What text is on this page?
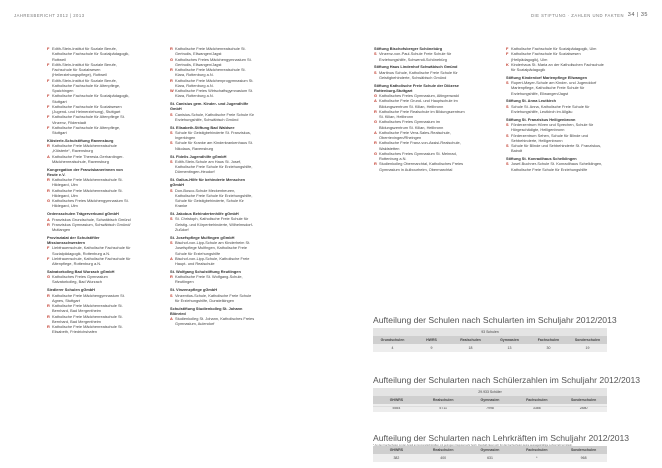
JAHRESBERICHT 2012 | 2013	DIE STIFTUNG · ZAHLEN UND FAKTEN 34 | 35
F Edith-Stein-Institut für Soziale Berufe, Katholische Fachschule für Sozialpädagogik, Rottweil
F Edith-Stein-Institut für Soziale Berufe, Fachschule für Sozialwesen (Heilerziehungspflege), Rottweil
F Edith-Stein-Institut für Soziale Berufe, Katholische Fachschule für Altenpflege, Spaichingen
F Katholische Fachschule für Sozialpädagogik, Stuttgart
F Katholische Fachschule für Sozialwesen (Jugend- und Heimerziehung), Stuttgart
F Katholische Fachschule für Altenpflege St. Vinzenz, Filderstadt
F Katholische Fachschule für Altenpflege, Stuttgart
Klösterle-Schulstiftung Ravensburg
R Katholische Freie Mädchenrealschule „Klösterle“, Ravensburg
A Katholische Freie Theresia-Gerhardinger-Mädchenrealschule, Ravensburg
Kongregation der Franziskanerinnen von Reute e.V.
R Katholische Freie Mädchenrealschule St. Hildegard, Ulm
R Katholische Freie Mädchenrealschule St. Hildegard, Ulm
G Katholisches Freies Mädchengymnasium St. Hildegard, Ulm
Ordensschulen Trägerverbund gGmbH
A Franziskus Grundschule, Schwäbisch Gmünd
R Franziskus Gymnasium, Schwäbisch Gmünd/ Mutlangen
Provinzialat der Schulstiftler Missionsschwestern
F Liebfrauenschule, Katholische Fachschule für Sozialpädagogik, Rottenburg a.N.
F Liebfrauenschule, Katholische Fachschule für Altenpflege, Rottenburg a.N.
Salvatorkolleg Bad Wurzach gGmbH
G Katholisches Freies Gymnasium Salvatorkolleg, Bad Wurzach
Siedlerer Schulen gGmbH
R Katholische Freie Mädchengymnasium St. Agnes, Stuttgart
R Katholische Freie Mädchenrealschule St. Bernhard, Bad Mergentheim
R Katholische Freie Mädchenrealschule St. Bernhard, Bad Mergentheim
R Katholische Freie Mädchenrealschule St. Elisabeth, Friedrichshafen
R Katholische Freie Mädchenrealschule St. Gertrudis, Ellwangen/Jagst
G Katholisches Freies Mädchengymnasium St. Gertrudis, Ellwangen/Jagst
R Katholische Freie Mädchenrealschule St. Klara, Rottenburg a.N.
R Katholische Freie Mädchenprogymnasium St. Klara, Rottenburg a.N.
W Katholische Freies Wirtschaftsgymnasium St. Klara, Rottenburg a.N.
St. Canisius gem. Kinder- und Jugendhilfe GmbH
S Canisius-Schule, Katholische Freie Schule für Erziehungshilfe, Schwäbisch Gmünd
St. Elisabeth-Stiftung Bad Waldsee
S Schule für Geistigbehinderte St. Franziskus, Ingerkingen
S Schule für Kranke am Kinderkrankenhaus St. Nikolaus, Ravensburg
St. Fidelis Jugendhilfe gGmbH
S Edith-Stein-Schule am Haus St. Josef, Katholische Freie Schule für Erziehungshilfe, Dürmentingen-Heudorf
St. Gallus-Hilfe für behinderte Menschen gGmbH
S Don-Bosco-Schule Meckenbeuren, Katholische Freie Schule für Erziehungshilfe, Schule für Geistigbehinderte, Schule für Kranke
St. Jakobus Behindertenhilfe gGmbH
S St. Christoph, Katholische Freie Schule für Geistig- und Körperbehinderte, Wilhelmsdorf-Zußdorf
St. Josefspflege Mulfingen gGmbH
S Bischof-von-Lipp-Schule am Kinderheim St. Josefspflege Mulfingen, Katholische Freie Schule für Erziehungshilfe
A Bischof-von-Lipp-Schule, Katholische Freie Haupt- und Realschule
St. Wolfgang Schulstiftung Reutlingen
R Katholische Freie St. Wolfgang-Schule, Reutlingen
St. Vinzenzpflege gGmbH
S Vinzentius-Schule, Katholische Freie Schule für Erziehungshilfe, Dunstelkingen
Schulstiftung Studienkolleg St. Johann Blönried
A Studienkolleg St. Johann, Katholisches Freies Gymnasium, Aulendorf
Stiftung Bischofsberger Schönebürg
S Vinzenz-von-Paul-Schule Freie Schule für Erziehungshilfe, Schwendi-Schönebürg
Stiftung Haus Lindenhof Schwäbisch Gmünd
S Martinus Schule, Katholische Freie Schule für Geistigbehinderte, Schwäbisch Gmünd
Stiftung Katholische Freie Schule der Diözese Rottenburg-Stuttgart
G Katholisches Freies Gymnasium, Altingenwald
A Katholische Freie Grund- und Hauptschule im Bildungszentrum St. Kilian, Heilbronn
R Katholische Freie Realschule im Bildungszentrum St. Kilian, Heilbronn
G Katholisches Freies Gymnasium im Bildungszentrum St. Kilian, Heilbronn
A Katholische Freie Vera-Sales-Realschule, Oberriexingen/Rheingen
R Katholische Freie Franz-von-Assisi-Realschule, Waldstetten
G Katholisches Freies Gymnasium St. Meinrad, Rottenburg a.N.
R Studienkolleg Obermarchtal, Katholisches Freies Gymnasium in Aulbourheim, Obermarchtal
F Katholische Fachschule für Sozialpädagogik, Ulm
F Katholische Fachschule für Sozialwesen (Heilpädagogik), Ulm
K Kinderhaus St. Maria an der Katholischen Fachschule für Sozialpädagogik
Stiftung Kinderdorf Marienpflege Ellwangen
S Rupert-Mayer-Schule am Kinder- und Jugenddorf Marienpflege, Katholische Freie Schule für Erziehungshilfe, Ellwangen/Jagst
Stiftung St. Anna Leutkirch
S Schule St. Anna, Katholische Freie Schule für Erziehungshilfe, Leutkirch im Allgäu
Stiftung St. Franziskus Heiligenbronn
S Förderzentrum Hören und Sprechen, Schule für Hörgeschädigte, Heiligenbronn
S Förderzentrum Sehen, Schule für Blinde und Sehbehinderte, Heiligenbronn
S Schule für Blinde und Sehbehinderte St. Franziskus, Baindt
Stiftung St. Konradihaus Schelklingen
S Josef-Buchner-Schule St. Konradihaus Schelklingen, Katholische Freie Schule für Erziehungshilfe
Aufteilung der Schulen nach Schularten im Schuljahr 2012/2013
93 Schulen					
Grundschulen	HWRS	Realschulen	Gymnasien	Fachschulen	Sonderschulen
4	9	18	13	30	19
Aufteilung der Schularten nach Schülerzahlen im Schuljahr 2012/2013
29.933 Schüler				
GHWRS	Realschulen	Gymnasien	Fachschulen	Sonderschulen
5554	5711	7998	3386	2880
Aufteilung der Schularten nach Lehrkräften im Schuljahr 2012/2013
GHWRS	Realschulen	Gymnasien	Fachschulen	Sonderschulen
382	400	631	*	968
* An den Fachschulen ist der Anteil an Honorarlehrkräften mit geringem Deputat sehr hoch. Deshalb lässt sich für die Fachschulen keine aussagekräftige Lehrerzahl ermitteln.
